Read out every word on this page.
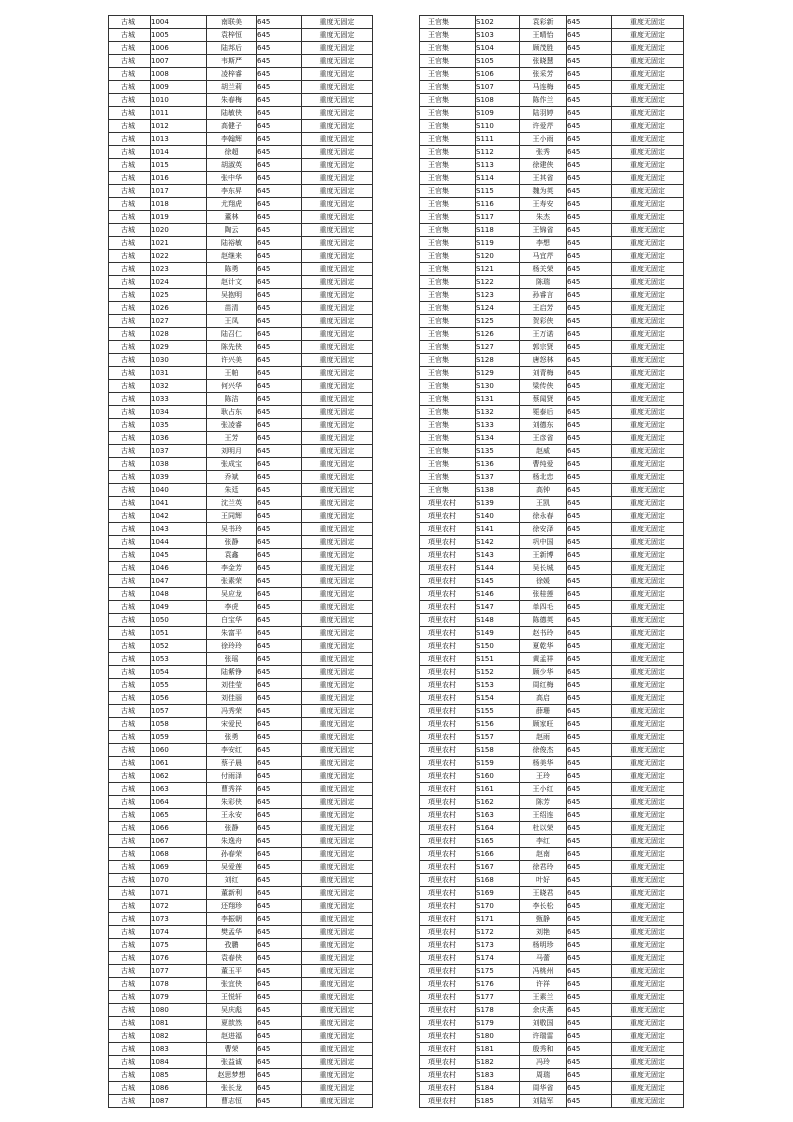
古城	1004	南联美	645	重度无固定
古城	1005	袁梓恒	645	重度无固定
古城	1006	陆邦后	645	重度无固定
古城	1007	韦斯严	645	重度无固定
古城	1008	凌梓睿	645	重度无固定
古城	1009	胡兰莉	645	重度无固定
古城	1010	朱春梅	645	重度无固定
古城	1011	陆敏侠	645	重度无固定
古城	1012	高健子	645	重度无固定
古城	1013	李翰辉	645	重度无固定
古城	1014	徐超	645	重度无固定
古城	1015	胡淑英	645	重度无固定
古城	1016	张中华	645	重度无固定
古城	1017	李东昇	645	重度无固定
古城	1018	尤翔虎	645	重度无固定
古城	1019	董林	645	重度无固定
古城	1020	陶云	645	重度无固定
古城	1021	陆裕敏	645	重度无固定
古城	1022	赵继来	645	重度无固定
古城	1023	陈勇	645	重度无固定
古城	1024	赵计文	645	重度无固定
古城	1025	吴抱明	645	重度无固定
古城	1026	苗清	645	重度无固定
古城	1027	王凤	645	重度无固定
古城	1028	陆召仁	645	重度无固定
古城	1029	陈先侠	645	重度无固定
古城	1030	许兴美	645	重度无固定
古城	1031	王帕	645	重度无固定
古城	1032	何兴华	645	重度无固定
古城	1033	陈洁	645	重度无固定
古城	1034	耿占东	645	重度无固定
古城	1035	张凌睿	645	重度无固定
古城	1036	王芳	645	重度无固定
古城	1037	刘明月	645	重度无固定
古城	1038	张成宝	645	重度无固定
古城	1039	乔斌	645	重度无固定
古城	1040	朱廷	645	重度无固定
古城	1041	沈兰英	645	重度无固定
古城	1042	王同辉	645	重度无固定
古城	1043	吴书玲	645	重度无固定
古城	1044	张静	645	重度无固定
古城	1045	袁鑫	645	重度无固定
古城	1046	李金芳	645	重度无固定
古城	1047	张素荣	645	重度无固定
古城	1048	吴应龙	645	重度无固定
古城	1049	李虎	645	重度无固定
古城	1050	白宝华	645	重度无固定
古城	1051	朱富平	645	重度无固定
古城	1052	徐玲玲	645	重度无固定
古城	1053	张瑶	645	重度无固定
古城	1054	陆紫铮	645	重度无固定
古城	1055	刘佳莹	645	重度无固定
古城	1056	刘佳丽	645	重度无固定
古城	1057	冯秀荣	645	重度无固定
古城	1058	宋爱民	645	重度无固定
古城	1059	张勇	645	重度无固定
古城	1060	李安红	645	重度无固定
古城	1061	蔡子晨	645	重度无固定
古城	1062	付雨泽	645	重度无固定
古城	1063	曹秀祥	645	重度无固定
古城	1064	朱彩侠	645	重度无固定
古城	1065	王永安	645	重度无固定
古城	1066	张静	645	重度无固定
古城	1067	朱逸舟	645	重度无固定
古城	1068	孙春荣	645	重度无固定
古城	1069	吴爱莲	645	重度无固定
古城	1070	刘红	645	重度无固定
古城	1071	董新利	645	重度无固定
古城	1072	还翔珍	645	重度无固定
古城	1073	李振朝	645	重度无固定
古城	1074	樊孟华	645	重度无固定
古城	1075	孜鹏	645	重度无固定
古城	1076	袁春侠	645	重度无固定
古城	1077	董玉平	645	重度无固定
古城	1078	张宜侠	645	重度无固定
古城	1079	王悦轩	645	重度无固定
古城	1080	吴庆彪	645	重度无固定
古城	1081	夏歆然	645	重度无固定
古城	1082	赵进福	645	重度无固定
古城	1083	曹荣	645	重度无固定
古城	1084	张益诚	645	重度无固定
古城	1085	赵思梦想	645	重度无固定
古城	1086	张长龙	645	重度无固定
古城	1087	曹志恒	645	重度无固定
王官集	S102	袁彩新	645	重度无固定
王官集	S103	王晴怡	645	重度无固定
王官集	S104	顾茂胜	645	重度无固定
王官集	S105	张晓慧	645	重度无固定
王官集	S106	张采芳	645	重度无固定
王官集	S107	马连梅	645	重度无固定
王官集	S108	陈作兰	645	重度无固定
王官集	S109	陆羽婷	645	重度无固定
王官集	S110	许爱芹	645	重度无固定
王官集	S111	王小雨	645	重度无固定
王官集	S112	张秀	645	重度无固定
王官集	S113	徐建侠	645	重度无固定
王官集	S114	王其省	645	重度无固定
王官集	S115	魏为英	645	重度无固定
王官集	S116	王寿安	645	重度无固定
王官集	S117	朱杰	645	重度无固定
王官集	S118	王锦省	645	重度无固定
王官集	S119	李想	645	重度无固定
王官集	S120	马宜芹	645	重度无固定
王官集	S121	杨关荣	645	重度无固定
王官集	S122	陈瑞	645	重度无固定
王官集	S123	孙睿言	645	重度无固定
王官集	S124	王启芳	645	重度无固定
王官集	S125	贺彩侠	645	重度无固定
王官集	S126	王万诺	645	重度无固定
王官集	S127	郭宗贤	645	重度无固定
王官集	S128	唐怒林	645	重度无固定
王官集	S129	刘青梅	645	重度无固定
王官集	S130	梁传侠	645	重度无固定
王官集	S131	蔡闻贤	645	重度无固定
王官集	S132	冕泰后	645	重度无固定
王官集	S133	刘德东	645	重度无固定
王官集	S134	王彦省	645	重度无固定
王官集	S135	赵威	645	重度无固定
王官集	S136	曹纯爱	645	重度无固定
王官集	S137	杨北忠	645	重度无固定
王官集	S138	高钟	645	重度无固定
項里农村	S139	王凯	645	重度无固定
項里农村	S140	徐永春	645	重度无固定
項里农村	S141	徐安泽	645	重度无固定
項里农村	S142	巩中国	645	重度无固定
項里农村	S143	王新博	645	重度无固定
項里农村	S144	吴长城	645	重度无固定
項里农村	S145	徐媛	645	重度无固定
項里农村	S146	张桂莲	645	重度无固定
項里农村	S147	单四毛	645	重度无固定
項里农村	S148	陈德英	645	重度无固定
項里农村	S149	赵书玲	645	重度无固定
項里农村	S150	夏乾华	645	重度无固定
項里农村	S151	黄孟祥	645	重度无固定
項里农村	S152	顾少华	645	重度无固定
項里农村	S153	周红梅	645	重度无固定
項里农村	S154	高启	645	重度无固定
項里农村	S155	薛珊	645	重度无固定
項里农村	S156	顾家旺	645	重度无固定
項里农村	S157	赵雨	645	重度无固定
項里农村	S158	徐俊杰	645	重度无固定
項里农村	S159	杨美华	645	重度无固定
項里农村	S160	王玲	645	重度无固定
項里农村	S161	王小红	645	重度无固定
項里农村	S162	陈芳	645	重度无固定
項里农村	S163	王绍连	645	重度无固定
項里农村	S164	杜以荣	645	重度无固定
項里农村	S165	李红	645	重度无固定
項里农村	S166	赵南	645	重度无固定
項里农村	S167	徐君玲	645	重度无固定
項里农村	S168	叶好	645	重度无固定
項里农村	S169	王晓君	645	重度无固定
項里农村	S170	李长松	645	重度无固定
項里农村	S171	甄静	645	重度无固定
項里农村	S172	刘艳	645	重度无固定
項里农村	S173	杨明珍	645	重度无固定
項里农村	S174	马蕾	645	重度无固定
項里农村	S175	冯桃州	645	重度无固定
項里农村	S176	许祥	645	重度无固定
項里农村	S177	王素兰	645	重度无固定
項里农村	S178	余庆燕	645	重度无固定
項里农村	S179	刘敬国	645	重度无固定
項里农村	S180	许瑞雷	645	重度无固定
項里农村	S181	殷秀和	645	重度无固定
項里农村	S182	冯玲	645	重度无固定
項里农村	S183	周瑞	645	重度无固定
項里农村	S184	周华省	645	重度无固定
項里农村	S185	刘陆军	645	重度无固定
